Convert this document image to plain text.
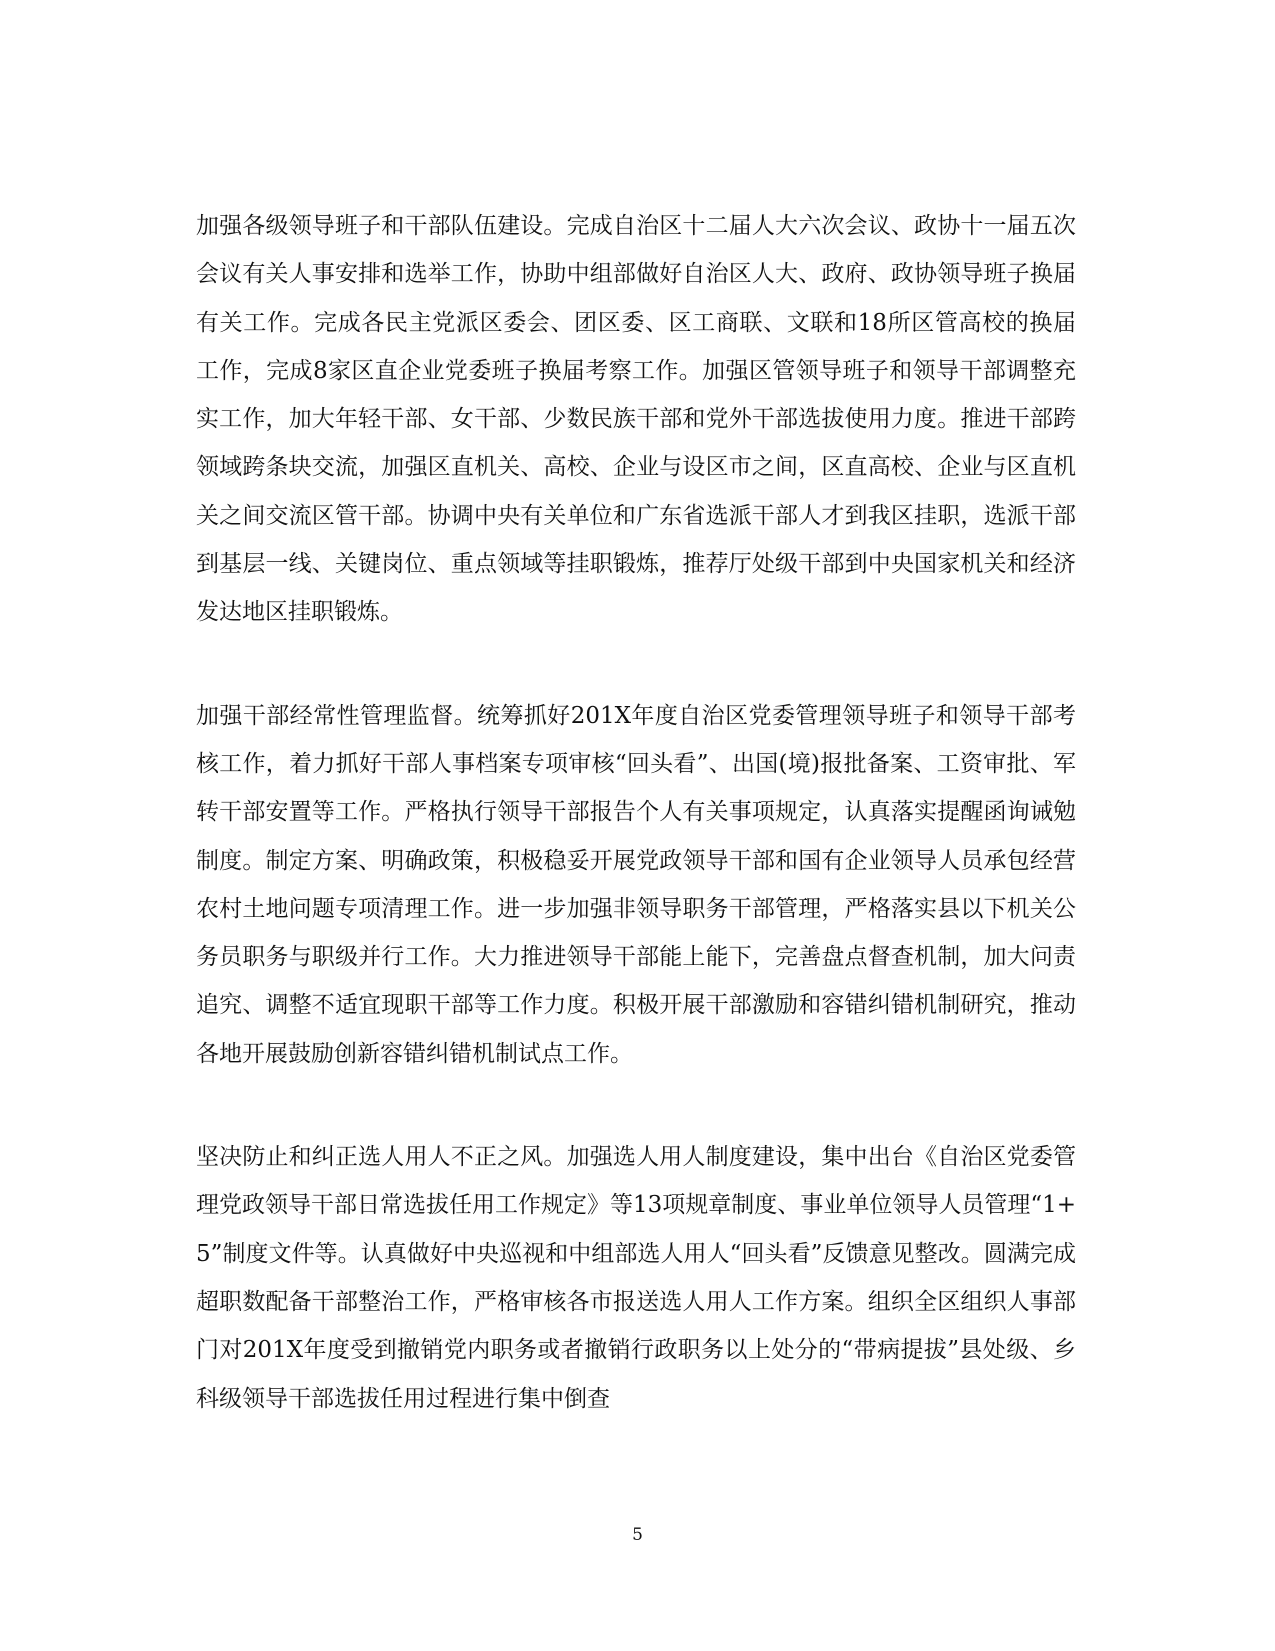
加强各级领导班子和干部队伍建设。完成自治区十二届人大六次会议、政协十一届五次会议有关人事安排和选举工作，协助中组部做好自治区人大、政府、政协领导班子换届有关工作。完成各民主党派区委会、团区委、区工商联、文联和18所区管高校的换届工作，完成8家区直企业党委班子换届考察工作。加强区管领导班子和领导干部调整充实工作，加大年轻干部、女干部、少数民族干部和党外干部选拔使用力度。推进干部跨领域跨条块交流，加强区直机关、高校、企业与设区市之间，区直高校、企业与区直机关之间交流区管干部。协调中央有关单位和广东省选派干部人才到我区挂职，选派干部到基层一线、关键岗位、重点领域等挂职锻炼，推荐厅处级干部到中央国家机关和经济发达地区挂职锻炼。

加强干部经常性管理监督。统筹抓好201X年度自治区党委管理领导班子和领导干部考核工作，着力抓好干部人事档案专项审核“回头看”、出国(境)报批备案、工资审批、军转干部安置等工作。严格执行领导干部报告个人有关事项规定，认真落实提醒函询诫勉制度。制定方案、明确政策，积极稳妥开展党政领导干部和国有企业领导人员承包经营农村土地问题专项清理工作。进一步加强非领导职务干部管理，严格落实县以下机关公务员职务与职级并行工作。大力推进领导干部能上能下，完善盘点督查机制，加大问责追究、调整不适宜现职干部等工作力度。积极开展干部激励和容错纠错机制研究，推动各地开展鼓励创新容错纠错机制试点工作。

坚决防止和纠正选人用人不正之风。加强选人用人制度建设，集中出台《自治区党委管理党政领导干部日常选拔任用工作规定》等13项规章制度、事业单位领导人员管理“1+5”制度文件等。认真做好中央巡视和中组部选人用人“回头看”反馈意见整改。圆满完成超职数配备干部整治工作，严格审核各市报送选人用人工作方案。组织全区组织人事部门对201X年度受到撤销党内职务或者撤销行政职务以上处分的“带病提拔”县处级、乡科级领导干部选拔任用过程进行集中倒查

5
